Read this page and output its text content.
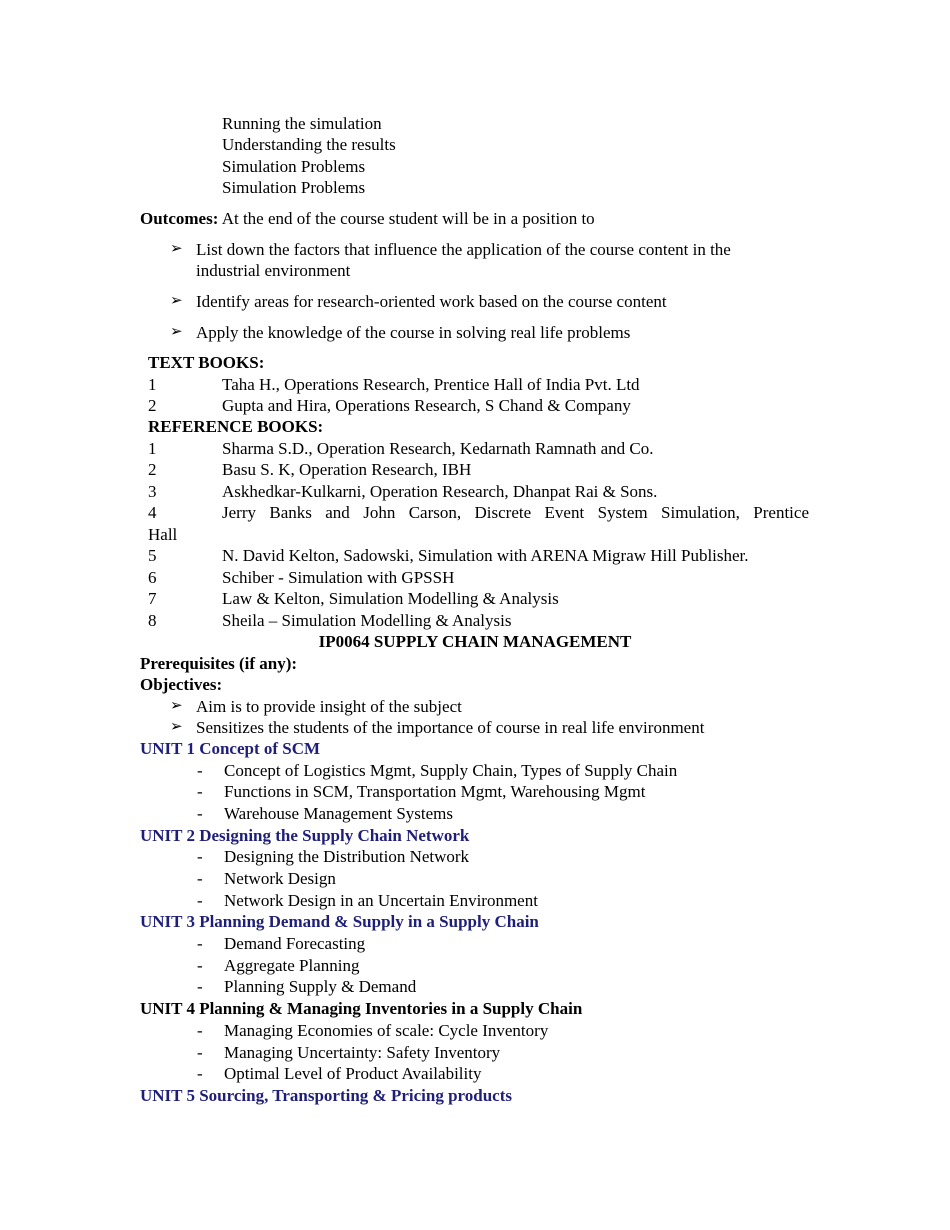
Running the simulation
Understanding the results
Simulation Problems
Simulation Problems
Outcomes: At the end of the course student will be in a position to
➢ List down the factors that influence the application of the course content in the
industrial environment
➢ Identify areas for research-oriented work based on the course content
➢ Apply the knowledge of the course in solving real life problems
TEXT BOOKS:
1	Taha H., Operations Research, Prentice Hall of India Pvt. Ltd
2	Gupta and Hira, Operations Research, S Chand & Company
REFERENCE BOOKS:
1	Sharma S.D., Operation Research, Kedarnath Ramnath and Co.
2	Basu S. K, Operation Research, IBH
3	Askhedkar-Kulkarni, Operation Research, Dhanpat Rai & Sons.
4	Jerry Banks and John Carson, Discrete Event System Simulation, Prentice
Hall
5	N. David Kelton, Sadowski, Simulation with ARENA Migraw Hill Publisher.
6	Schiber - Simulation with GPSSH
7	Law & Kelton, Simulation Modelling & Analysis
8	Sheila – Simulation Modelling & Analysis
IP0064 SUPPLY CHAIN MANAGEMENT
Prerequisites (if any):
Objectives:
➢ Aim is to provide insight of the subject
➢ Sensitizes the students of the importance of course in real life environment
UNIT 1 Concept of SCM
- Concept of Logistics Mgmt, Supply Chain, Types of Supply Chain
- Functions in SCM, Transportation Mgmt, Warehousing Mgmt
- Warehouse Management Systems
UNIT 2 Designing the Supply Chain Network
- Designing the Distribution Network
- Network Design
- Network Design in an Uncertain Environment
UNIT 3 Planning Demand & Supply in a Supply Chain
- Demand Forecasting
- Aggregate Planning
- Planning Supply & Demand
UNIT 4 Planning & Managing Inventories in a Supply Chain
- Managing Economies of scale: Cycle Inventory
- Managing Uncertainty: Safety Inventory
- Optimal Level of Product Availability
UNIT 5 Sourcing, Transporting & Pricing products
